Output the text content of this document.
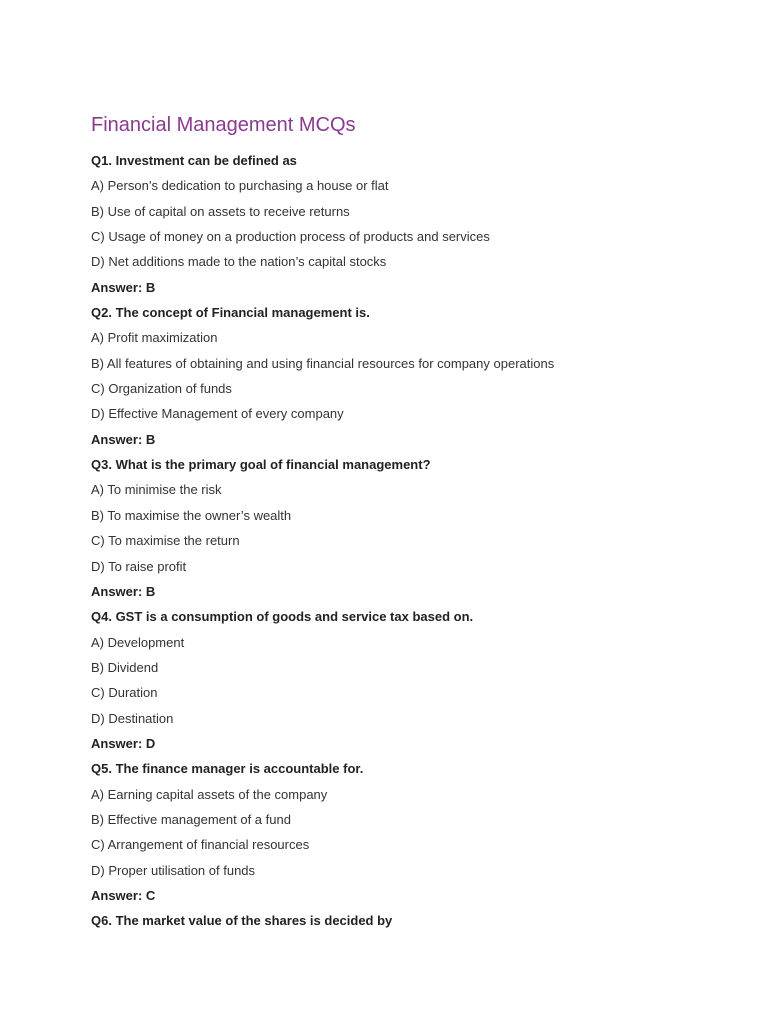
Financial Management MCQs
Q1. Investment can be defined as
A) Person’s dedication to purchasing a house or flat
B) Use of capital on assets to receive returns
C) Usage of money on a production process of products and services
D) Net additions made to the nation’s capital stocks
Answer: B
Q2. The concept of Financial management is.
A) Profit maximization
B) All features of obtaining and using financial resources for company operations
C) Organization of funds
D) Effective Management of every company
Answer: B
Q3. What is the primary goal of financial management?
A) To minimise the risk
B) To maximise the owner’s wealth
C) To maximise the return
D) To raise profit
Answer: B
Q4. GST is a consumption of goods and service tax based on.
A) Development
B) Dividend
C) Duration
D) Destination
Answer: D
Q5. The finance manager is accountable for.
A) Earning capital assets of the company
B) Effective management of a fund
C) Arrangement of financial resources
D) Proper utilisation of funds
Answer: C
Q6. The market value of the shares is decided by
